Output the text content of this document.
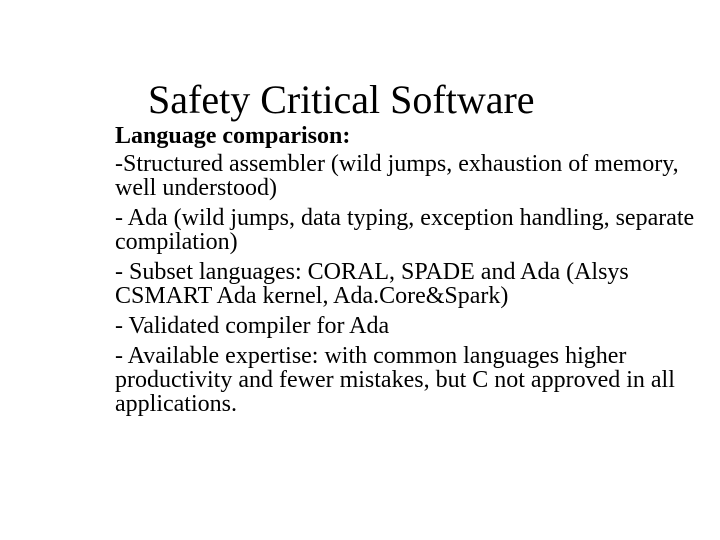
Safety Critical Software
Language comparison:
-Structured assembler (wild jumps, exhaustion of memory, well understood)
- Ada (wild jumps, data typing, exception handling, separate compilation)
- Subset languages: CORAL, SPADE and Ada (Alsys CSMART Ada kernel, Ada.Core&Spark)
- Validated compiler for Ada
- Available expertise: with common languages higher productivity and fewer mistakes, but C not approved in all applications.
